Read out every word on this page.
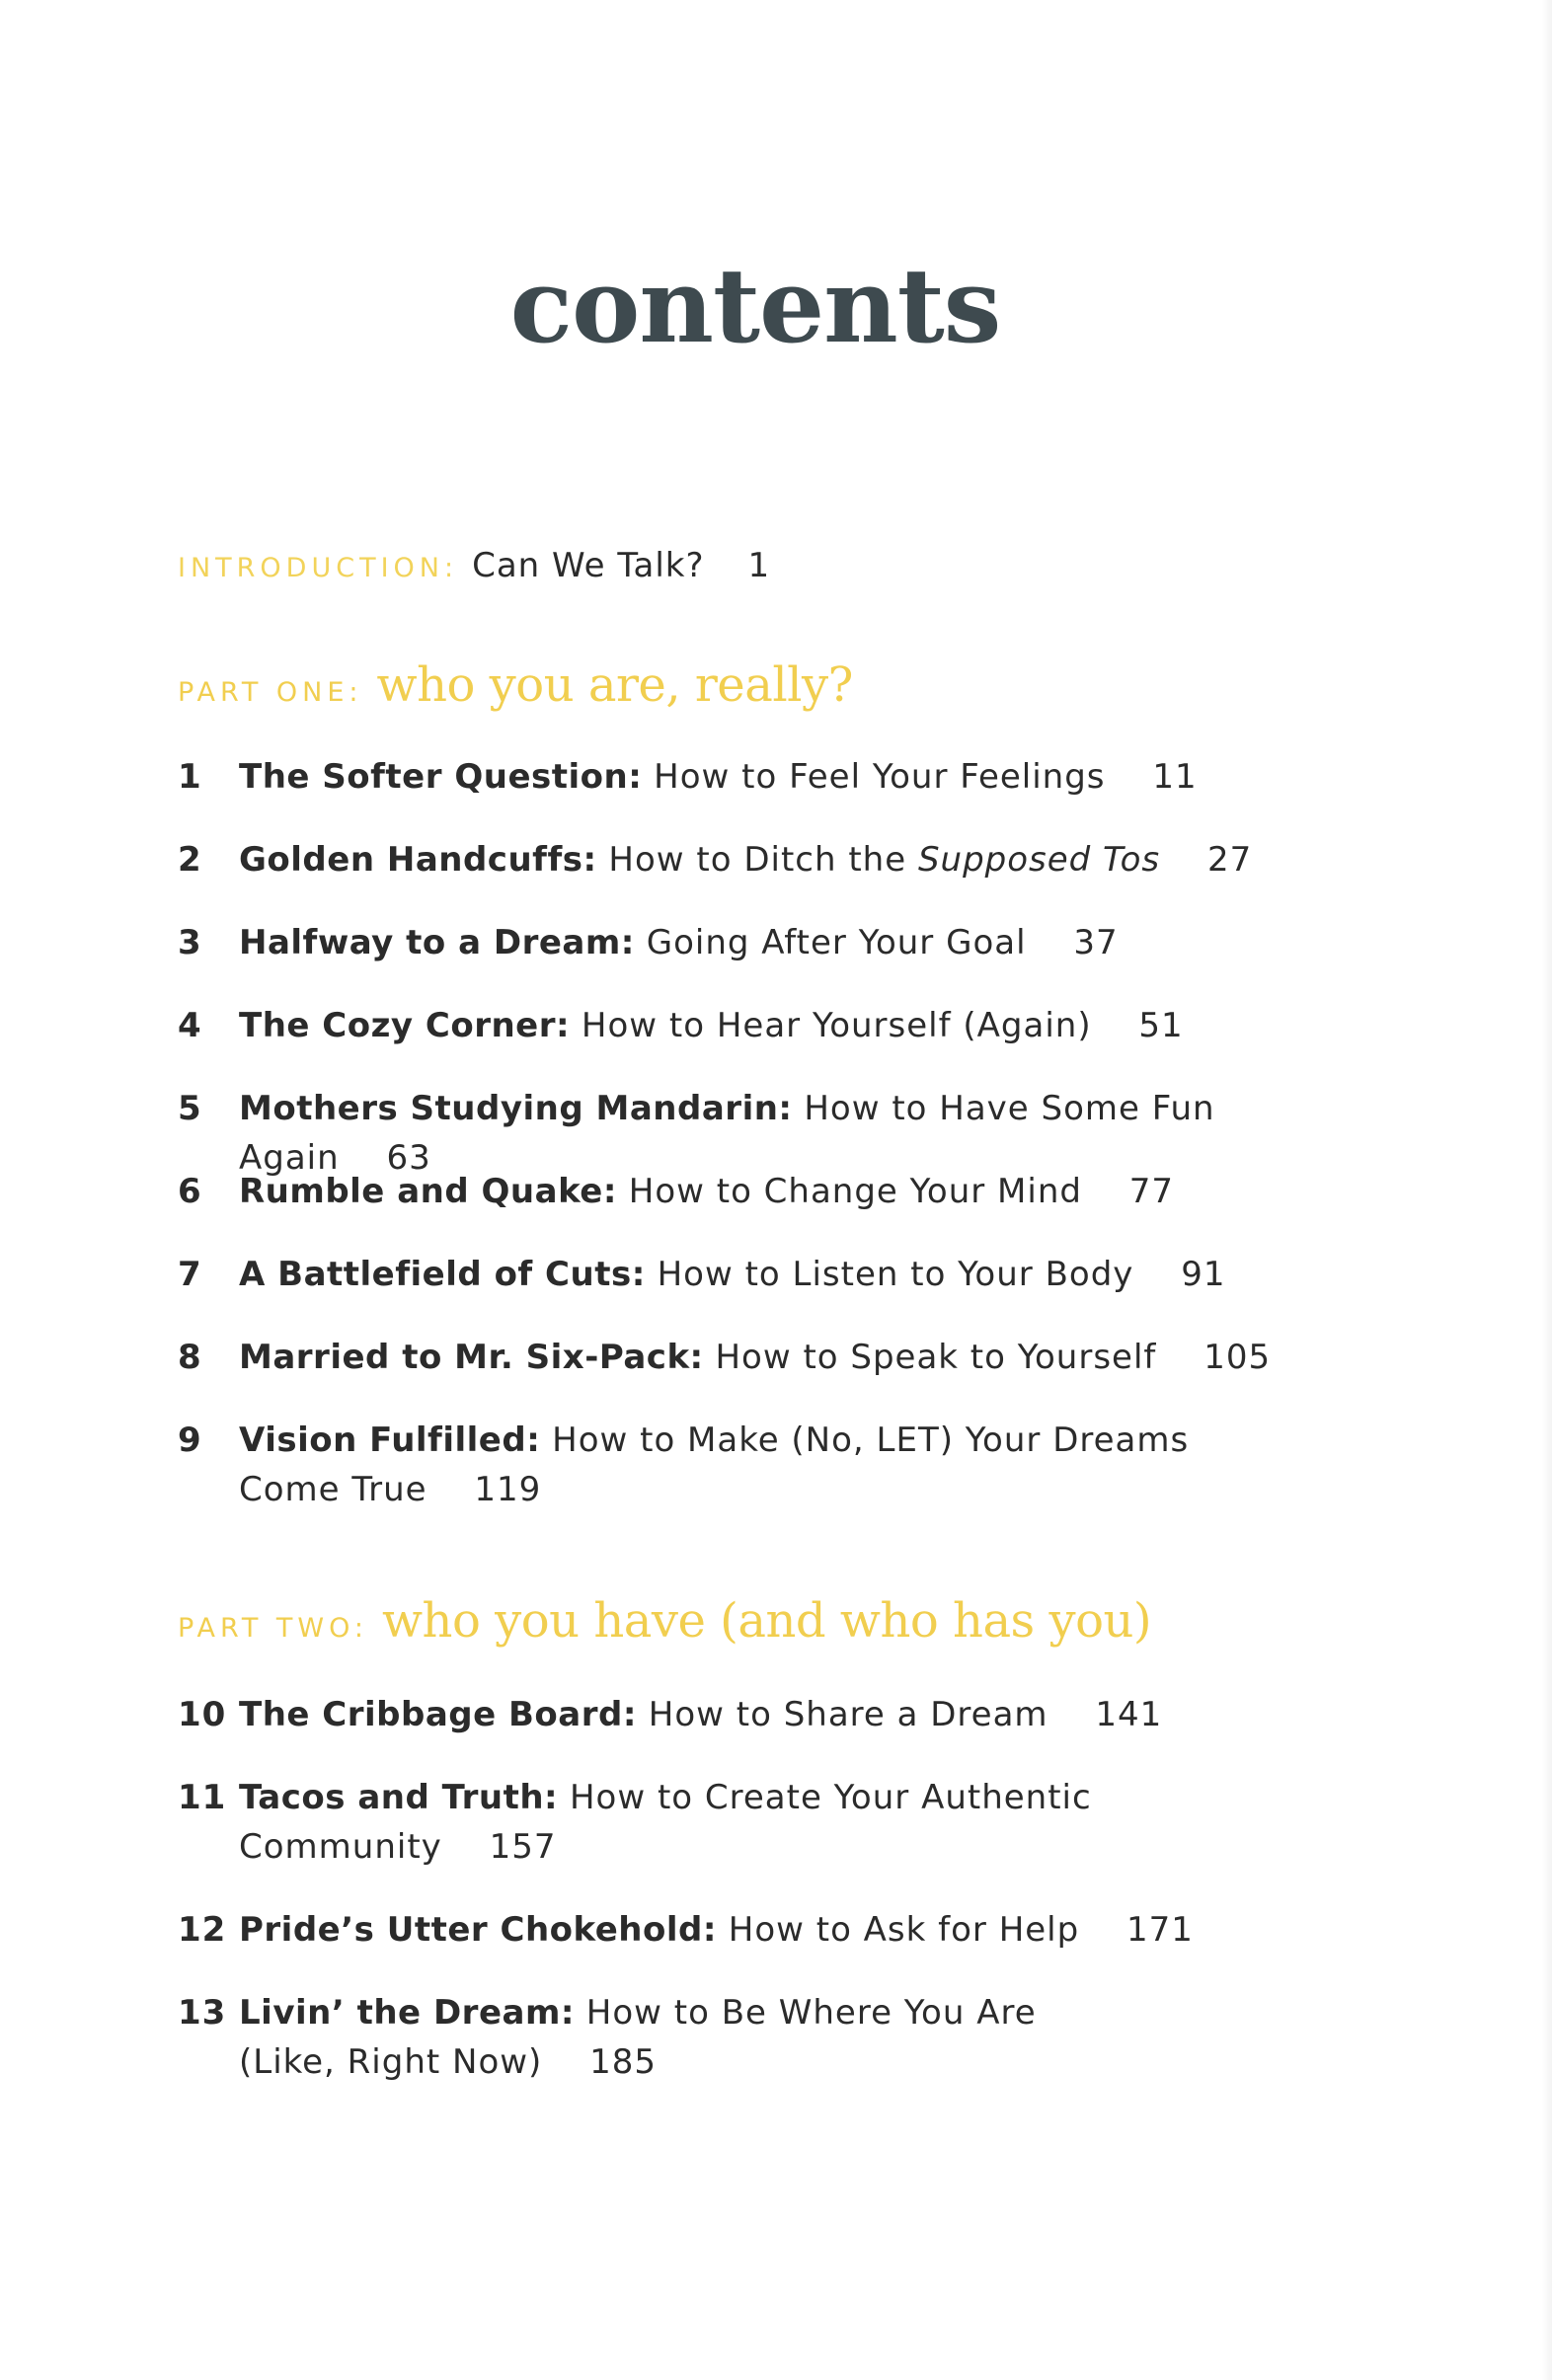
contents
INTRODUCTION: Can We Talk? 1
PART ONE: who you are, really?
1	The Softer Question: How to Feel Your Feelings 11
2	Golden Handcuffs: How to Ditch the Supposed Tos 27
3	Halfway to a Dream: Going After Your Goal 37
4	The Cozy Corner: How to Hear Yourself (Again) 51
5	Mothers Studying Mandarin: How to Have Some Fun Again 63
6	Rumble and Quake: How to Change Your Mind 77
7	A Battlefield of Cuts: How to Listen to Your Body 91
8	Married to Mr. Six-Pack: How to Speak to Yourself 105
9	Vision Fulfilled: How to Make (No, LET) Your Dreams
Come True 119
PART TWO: who you have (and who has you)
10 The Cribbage Board: How to Share a Dream 141
11 Tacos and Truth: How to Create Your Authentic
Community 157
12 Pride’s Utter Chokehold: How to Ask for Help 171
13 Livin’ the Dream: How to Be Where You Are
(Like, Right Now) 185
